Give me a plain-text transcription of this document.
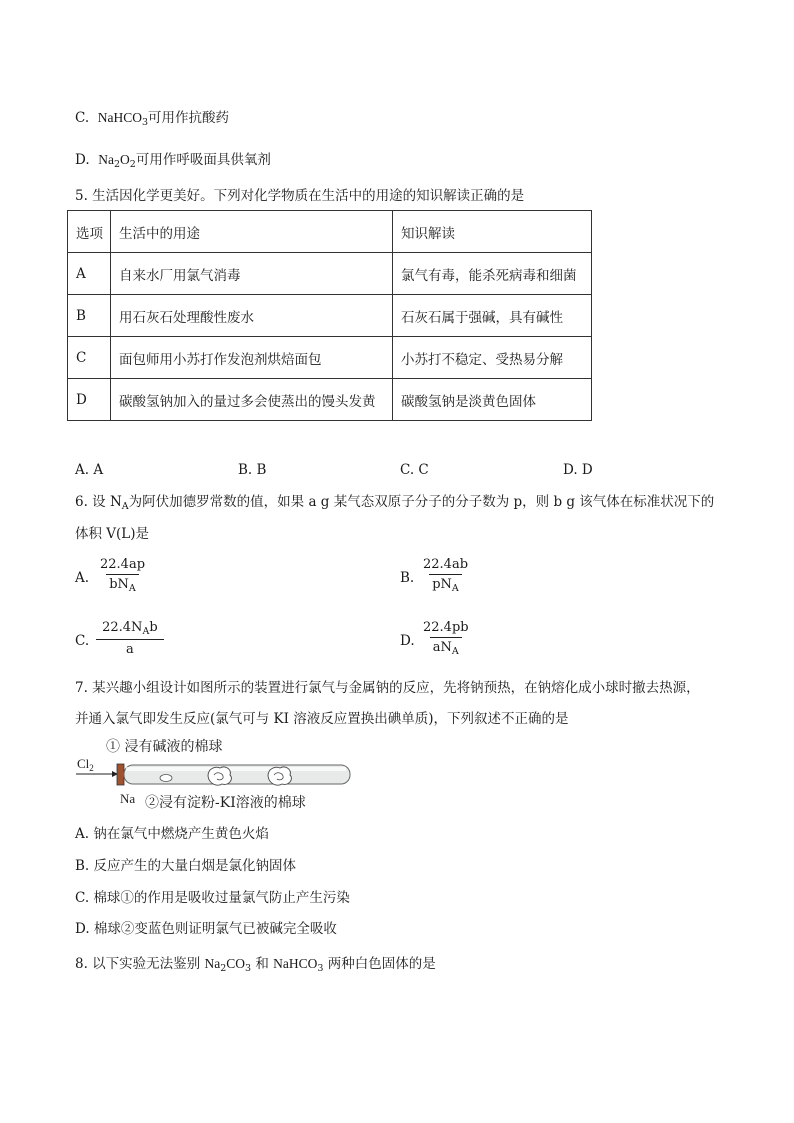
C. NaHCO$_3$可用作抗酸药
D. $Na_2O_2$可用作呼吸面具供氧剂
5. 生活因化学更美好。下列对化学物质在生活中的用途的知识解读正确的是
选项	生活中的用途	知识解读
A	自来水厂用氯气消毒	氯气有毒，能杀死病毒和细菌
B	用石灰石处理酸性废水	石灰石属于强碱，具有碱性
C	面包师用小苏打作发泡剂烘焙面包	小苏打不稳定、受热易分解
D	碳酸氢钠加入的量过多会使蒸出的馒头发黄	碳酸氢钠是淡黄色固体
A. A	B. B	C. C	D. D
6. 设 $N_A$为阿伏加德罗常数的值，如果 a g 某气态双原子分子的分子数为 p，则 b g 该气体在标准状况下的
体积 V(L)是
A.
22.4ap
$bN_A$
B.
22.4ab
$pN_A$
C.
$22.4N_Ab$
a
D.
22.4pb
$aN_A$
7. 某兴趣小组设计如图所示的装置进行氯气与金属钠的反应，先将钠预热，在钠熔化成小球时撤去热源，
并通入氯气即发生反应(氯气可与 KI 溶液反应置换出碘单质)，下列叙述不正确的是
① 浸有碱液的棉球
$Cl_2$
Na ②浸有淀粉-KI溶液的棉球
A. 钠在氯气中燃烧产生黄色火焰
B. 反应产生的大量白烟是氯化钠固体
C. 棉球①的作用是吸收过量氯气防止产生污染
D. 棉球②变蓝色则证明氯气已被碱完全吸收
8. 以下实验无法鉴别 $Na_2CO_3$ 和 NaHCO$_3$ 两种白色固体的是
